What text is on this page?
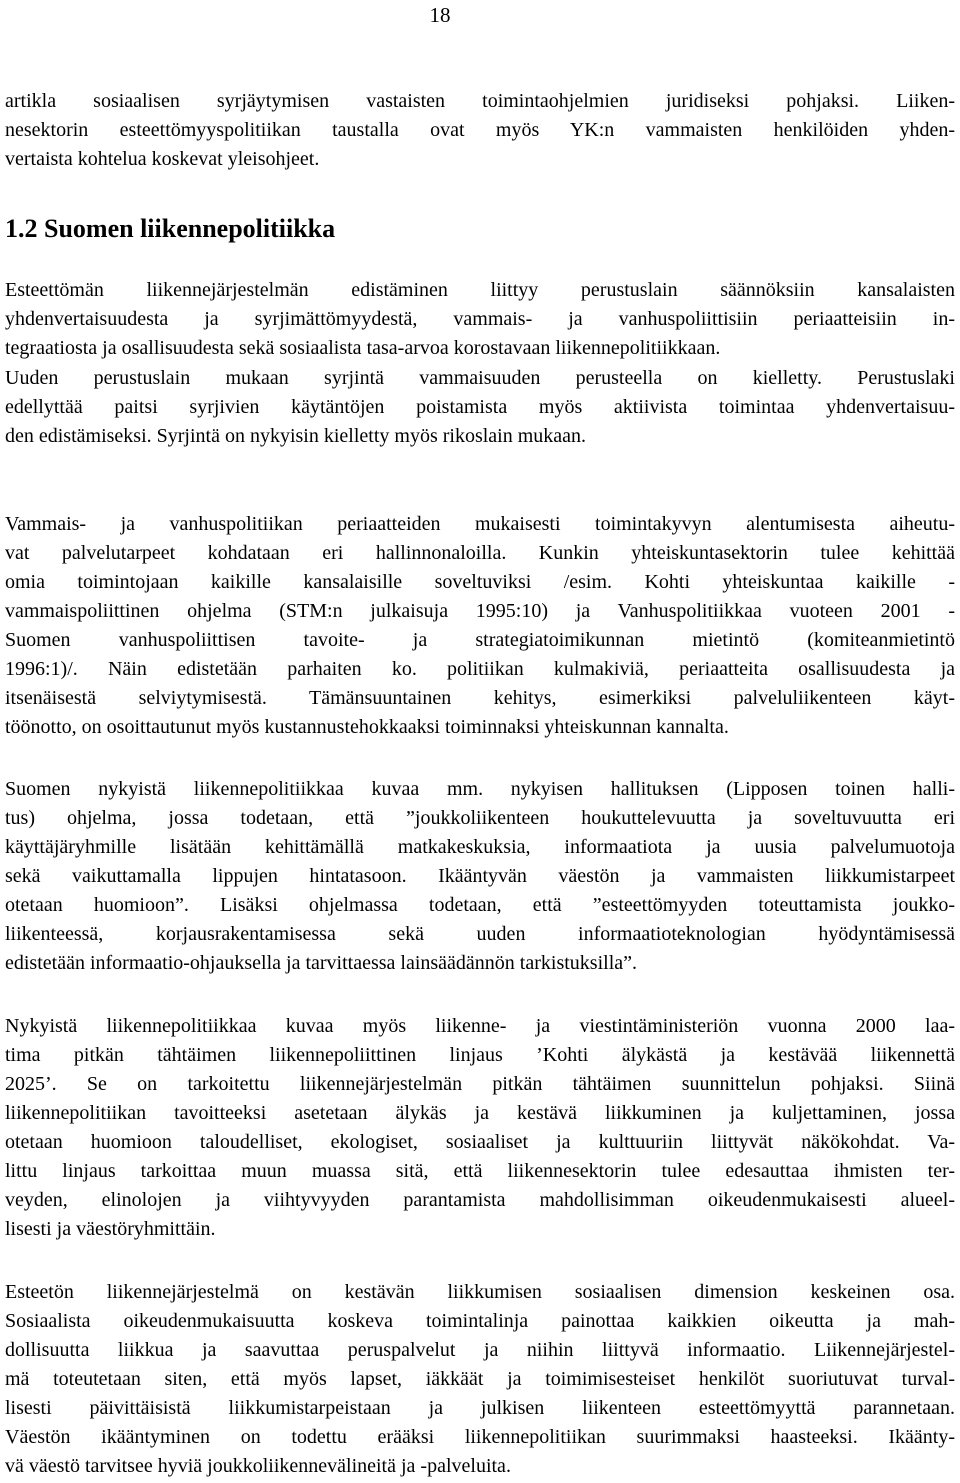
18
artikla sosiaalisen syrjäytymisen vastaisten toimintaohjelmien juridiseksi pohjaksi. Liiken-
nesektorin esteettömyyspolitiikan taustalla ovat myös YK:n vammaisten henkilöiden yhden-
vertaista kohtelua koskevat yleisohjeet.
1.2 Suomen liikennepolitiikka
Esteettömän liikennejärjestelmän edistäminen liittyy perustuslain säännöksiin kansalaisten
yhdenvertaisuudesta ja syrjimättömyydestä, vammais- ja vanhuspoliittisiin periaatteisiin in-
tegraatiosta ja osallisuudesta sekä sosiaalista tasa-arvoa korostavaan liikennepolitiikkaan.
Uuden perustuslain mukaan syrjintä vammaisuuden perusteella on kielletty. Perustuslaki
edellyttää paitsi syrjivien käytäntöjen poistamista myös aktiivista toimintaa yhdenvertaisuu-
den edistämiseksi. Syrjintä on nykyisin kielletty myös rikoslain mukaan.
Vammais- ja vanhuspolitiikan periaatteiden mukaisesti toimintakyvyn alentumisesta aiheutu-
vat palvelutarpeet kohdataan eri hallinnonaloilla. Kunkin yhteiskuntasektorin tulee kehittää
omia toimintojaan kaikille kansalaisille soveltuviksi /esim. Kohti yhteiskuntaa kaikille -
vammaispoliittinen ohjelma (STM:n julkaisuja 1995:10) ja Vanhuspolitiikkaa vuoteen 2001 -
Suomen vanhuspoliittisen tavoite- ja strategiatoimikunnan mietintö (komiteanmietintö
1996:1)/. Näin edistetään parhaiten ko. politiikan kulmakiviä, periaatteita osallisuudesta ja
itsenäisestä selviytymisestä. Tämänsuuntainen kehitys, esimerkiksi palveluliikenteen käyt-
töönotto, on osoittautunut myös kustannustehokkaaksi toiminnaksi yhteiskunnan kannalta.
Suomen nykyistä liikennepolitiikkaa kuvaa mm. nykyisen hallituksen (Lipposen toinen halli-
tus) ohjelma, jossa todetaan, että ”joukkoliikenteen houkuttelevuutta ja soveltuvuutta eri
käyttäjäryhmille lisätään kehittämällä matkakeskuksia, informaatiota ja uusia palvelumuotoja
sekä vaikuttamalla lippujen hintatasoon. Ikääntyvän väestön ja vammaisten liikkumistarpeet
otetaan huomioon”. Lisäksi ohjelmassa todetaan, että ”esteettömyyden toteuttamista joukko-
liikenteessä, korjausrakentamisessa sekä uuden informaatioteknologian hyödyntämisessä
edistetään informaatio-ohjauksella ja tarvittaessa lainsäädännön tarkistuksilla”.
Nykyistä liikennepolitiikkaa kuvaa myös liikenne- ja viestintäministeriön vuonna 2000 laa-
tima pitkän tähtäimen liikennepoliittinen linjaus ’Kohti älykästä ja kestävää liikennettä
2025’. Se on tarkoitettu liikennejärjestelmän pitkän tähtäimen suunnittelun pohjaksi. Siinä
liikennepolitiikan tavoitteeksi asetetaan älykäs ja kestävä liikkuminen ja kuljettaminen, jossa
otetaan huomioon taloudelliset, ekologiset, sosiaaliset ja kulttuuriin liittyvät näkökohdat. Va-
littu linjaus tarkoittaa muun muassa sitä, että liikennesektorin tulee edesauttaa ihmisten ter-
veyden, elinolojen ja viihtyvyyden parantamista mahdollisimman oikeudenmukaisesti alueel-
lisesti ja väestöryhmittäin.
Esteetön liikennejärjestelmä on kestävän liikkumisen sosiaalisen dimension keskeinen osa.
Sosiaalista oikeudenmukaisuutta koskeva toimintalinja painottaa kaikkien oikeutta ja mah-
dollisuutta liikkua ja saavuttaa peruspalvelut ja niihin liittyvä informaatio. Liikennejärjestel-
mä toteutetaan siten, että myös lapset, iäkkäät ja toimimisesteiset henkilöt suoriutuvat turval-
lisesti päivittäisistä liikkumistarpeistaan ja julkisen liikenteen esteettömyyttä parannetaan.
Väestön ikääntyminen on todettu erääksi liikennepolitiikan suurimmaksi haasteeksi. Ikäänty-
vä väestö tarvitsee hyviä joukkoliikennevälineitä ja -palveluita.
